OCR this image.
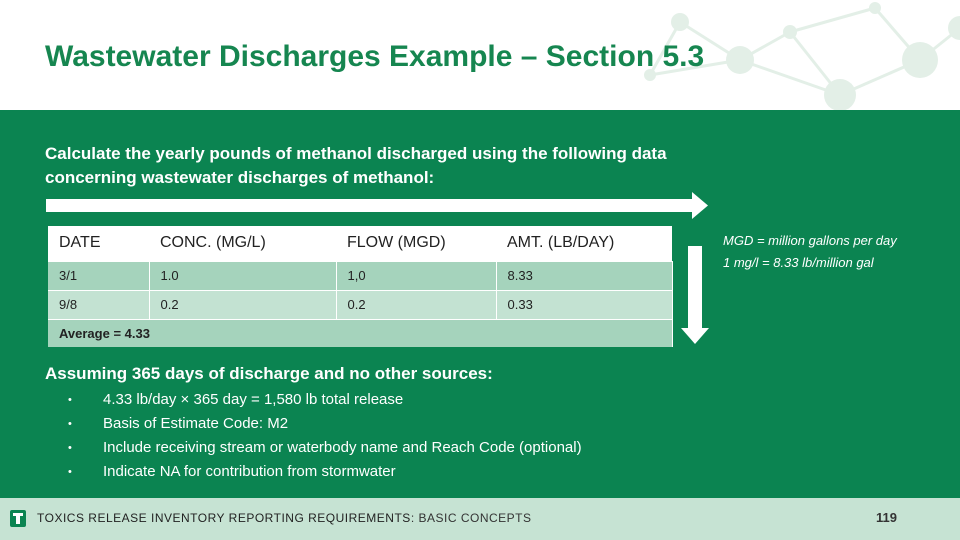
Wastewater Discharges Example – Section 5.3

Calculate the yearly pounds of methanol discharged using the following data concerning wastewater discharges of methanol:

DATE	CONC. (MG/L)	FLOW (MGD)	AMT. (LB/DAY)
3/1	1.0	1,0	8.33
9/8	0.2	0.2	0.33
Average = 4.33			
MGD = million gallons per day
1 mg/l = 8.33 lb/million gal
Assuming 365 days of discharge and no other sources:
•	4.33 lb/day × 365 day = 1,580 lb total release
•	Basis of Estimate Code: M2
•	Include receiving stream or waterbody name and Reach Code (optional)
•	Indicate NA for contribution from stormwater
TOXICS RELEASE INVENTORY REPORTING REQUIREMENTS: BASIC CONCEPTS	119
